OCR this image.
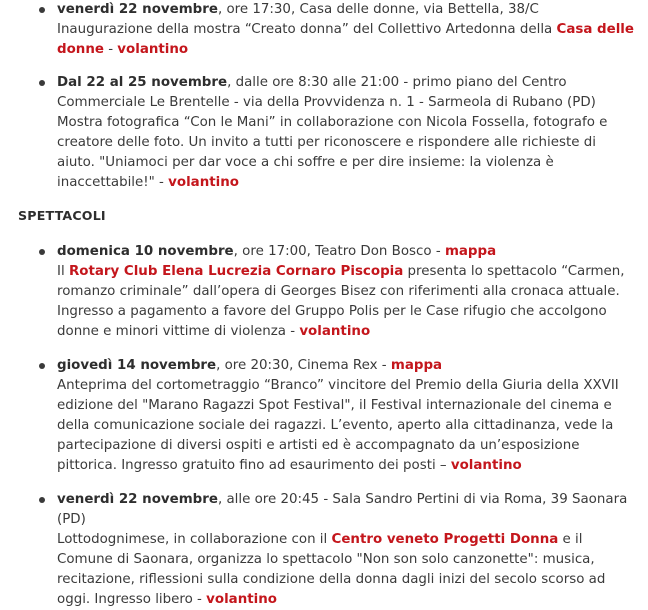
venerdì 22 novembre, ore 17:30, Casa delle donne, via Bettella, 38/C
Inaugurazione della mostra “Creato donna” del Collettivo Artedonna della Casa delle donne - volantino
Dal 22 al 25 novembre, dalle ore 8:30 alle 21:00 - primo piano del Centro Commerciale Le Brentelle - via della Provvidenza n. 1 - Sarmeola di Rubano (PD)
Mostra fotografica “Con le Mani” in collaborazione con Nicola Fossella, fotografo e creatore delle foto. Un invito a tutti per riconoscere e rispondere alle richieste di aiuto. "Uniamoci per dar voce a chi soffre e per dire insieme: la violenza è inaccettabile!" - volantino
SPETTACOLI
domenica 10 novembre, ore 17:00, Teatro Don Bosco - mappa
Il Rotary Club Elena Lucrezia Cornaro Piscopia presenta lo spettacolo “Carmen, romanzo criminale” dall’opera di Georges Bisez con riferimenti alla cronaca attuale. Ingresso a pagamento a favore del Gruppo Polis per le Case rifugio che accolgono donne e minori vittime di violenza - volantino
giovedì 14 novembre, ore 20:30, Cinema Rex - mappa
Anteprima del cortometraggio “Branco” vincitore del Premio della Giuria della XXVII edizione del "Marano Ragazzi Spot Festival", il Festival internazionale del cinema e della comunicazione sociale dei ragazzi. L’evento, aperto alla cittadinanza, vede la partecipazione di diversi ospiti e artisti ed è accompagnato da un’esposizione pittorica. Ingresso gratuito fino ad esaurimento dei posti – volantino
venerdì 22 novembre, alle ore 20:45 - Sala Sandro Pertini di via Roma, 39 Saonara (PD)
Lottodognimese, in collaborazione con il Centro veneto Progetti Donna e il Comune di Saonara, organizza lo spettacolo "Non son solo canzonette": musica, recitazione, riflessioni sulla condizione della donna dagli inizi del secolo scorso ad oggi. Ingresso libero - volantino
